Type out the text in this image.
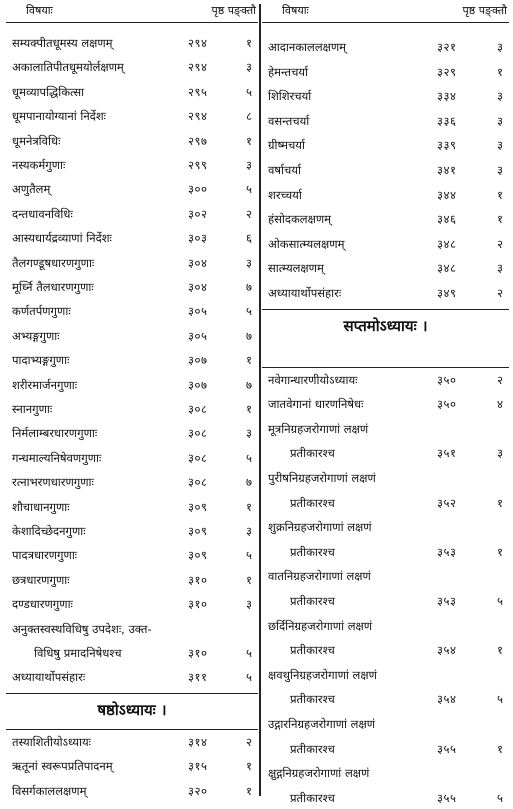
विषयाः	पृष्ठ पङ्क्तौ
सम्यक्पीतधूमस्य लक्षणम्	२९४	१
अकालातिपीतधूमयोर्लक्षणम्	२९४	३
धूमव्यापद्धिकित्सा	२९५	५
धूमपानायोग्यानां निर्देशः	२९४	८
धूमनेत्रविधिः	२९७	१
नस्यकर्मगुणाः	२९९	३
अणुतैलम्	३००	५
दन्तधावनविधिः	३०२	२
आस्यधार्यद्रव्याणां निर्देशः	३०३	६
तैलगण्डूषधारणगुणाः	३०४	३
मूर्ध्नि तैलधारणगुणाः	३०४	७
कर्णतर्पणगुणाः	३०५	५
अभ्यङ्गगुणाः	३०५	७
पादाभ्यङ्गगुणाः	३०७	१
शरीरमार्जनगुणाः	३०७	७
स्नानगुणाः	३०८	१
निर्मलाम्बरधारणगुणाः	३०८	३
गन्धमाल्यनिषेवणगुणाः	३०८	५
रत्नाभरणधारणगुणाः	३०८	७
शौचाधानगुणाः	३०९	१
केशादिच्छेदनगुणाः	३०९	३
पादत्रधारणगुणाः	३०९	५
छत्रधारणगुणाः	३१०	१
दण्डधारणगुणाः	३१०	३
अनुक्तस्वस्थविधिषु उपदेशः, उक्त-
विधिषु प्रमादनिषेधश्च	३१०	५
अध्यायार्थोपसंहारः	३११	५
षष्ठोऽध्यायः ।
तस्याशितीयोऽध्यायः	३१४	२
ऋतूनां स्वरूपप्रतिपादनम्	३१५	१
विसर्गकाललक्षणम्	३२०	१
विषयाः	पृष्ठ पङ्क्तौ
आदानकाललक्षणम्	३२१	३
हेमन्तचर्या	३२९	१
शिशिरचर्या	३३४	३
वसन्तचर्या	३३६	३
ग्रीष्मचर्या	३३९	३
वर्षाचर्या	३४१	३
शरच्चर्या	३४४	१
हंसोदकलक्षणम्	३४६	१
ओकसात्म्यलक्षणम्	३४८	२
सात्म्यलक्षणम्	३४८	३
अध्यायार्थोपसंहारः	३४९	२
सप्तमोऽध्यायः ।
नवेगान्धारणीयोऽध्यायः	३५०	२
जातवेगानां धारणनिषेधः	३५०	४
मूत्रनिग्रहजरोगाणां लक्षणं
प्रतीकारश्च	३५१	३
पुरीषनिग्रहजरोगाणां लक्षणं
प्रतीकारश्च	३५२	१
शुक्रनिग्रहजरोगाणां लक्षणं
प्रतीकारश्च	३५३	१
वातनिग्रहजरोगाणां लक्षणं
प्रतीकारश्च	३५३	५
छर्दिनिग्रहजरोगाणां लक्षणं
प्रतीकारश्च	३५४	१
क्षवथुनिग्रहजरोगाणां लक्षणं
प्रतीकारश्च	३५४	५
उद्गारनिग्रहजरोगाणां लक्षणं
प्रतीकारश्च	३५५	१
क्षुद्गनिग्रहजरोगाणां लक्षणं
प्रतीकारश्च	३५५	५
